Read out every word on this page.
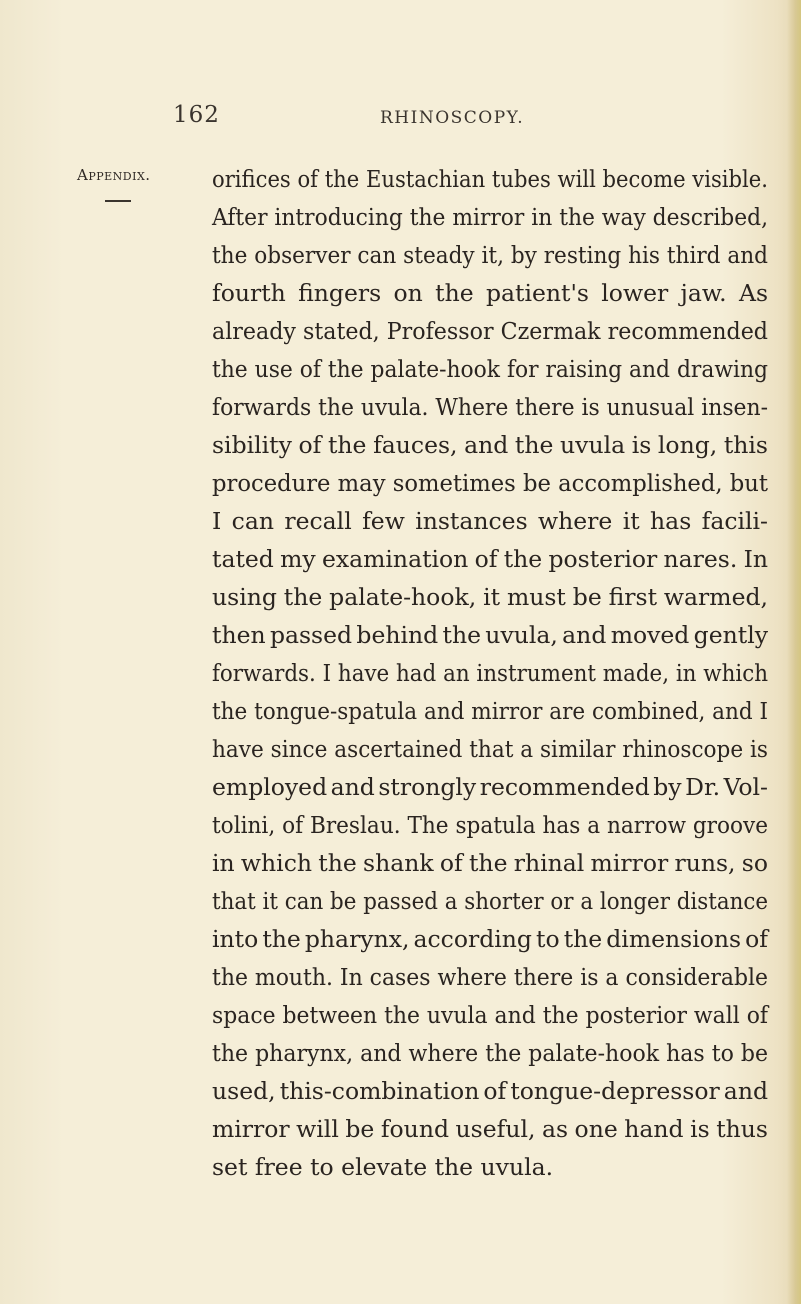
162	RHINOSCOPY.
Appendix.	orifices of the Eustachian tubes will become visible.
After introducing the mirror in the way described,
the observer can steady it, by resting his third and
fourth fingers on the patient's lower jaw. As
already stated, Professor Czermak recommended
the use of the palate-hook for raising and drawing
forwards the uvula. Where there is unusual insen-
sibility of the fauces, and the uvula is long, this
procedure may sometimes be accomplished, but
I can recall few instances where it has facili-
tated my examination of the posterior nares. In
using the palate-hook, it must be first warmed,
then passed behind the uvula, and moved gently
forwards. I have had an instrument made, in which
the tongue-spatula and mirror are combined, and I
have since ascertained that a similar rhinoscope is
employed and strongly recommended by Dr. Vol-
tolini, of Breslau. The spatula has a narrow groove
in which the shank of the rhinal mirror runs, so
that it can be passed a shorter or a longer distance
into the pharynx, according to the dimensions of
the mouth. In cases where there is a considerable
space between the uvula and the posterior wall of
the pharynx, and where the palate-hook has to be
used, this-combination of tongue-depressor and
mirror will be found useful, as one hand is thus
set free to elevate the uvula.
